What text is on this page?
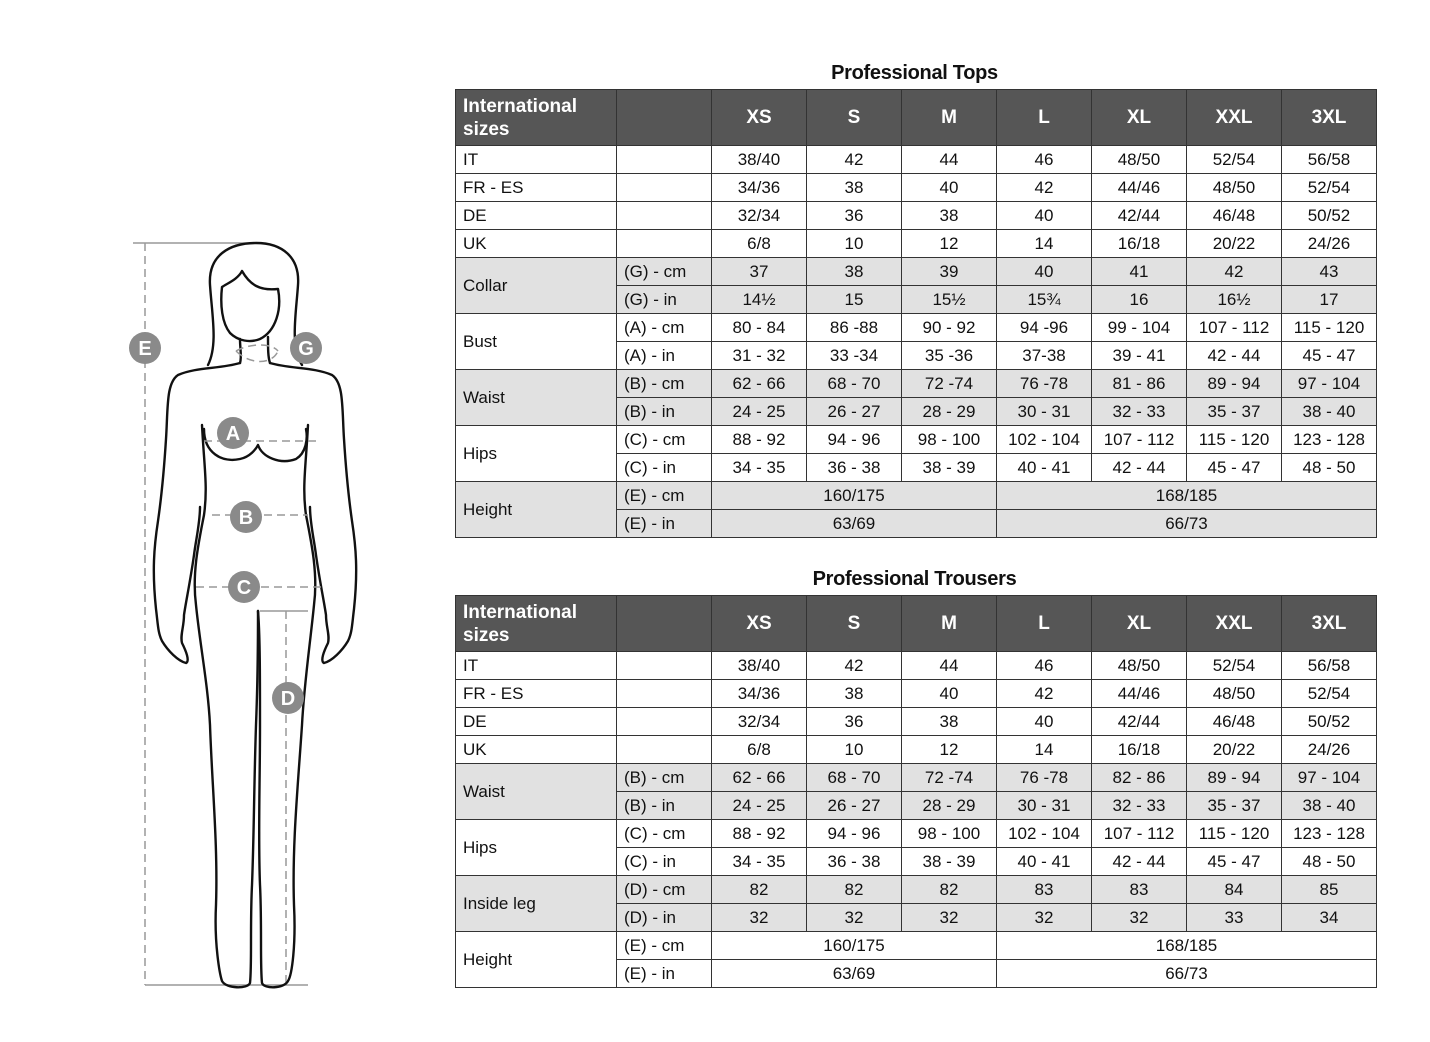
E	G
A
B
C
D
Professional Tops
International sizes		XS	S	M	L	XL	XXL	3XL
IT		38/40	42	44	46	48/50	52/54	56/58
FR - ES		34/36	38	40	42	44/46	48/50	52/54
DE		32/34	36	38	40	42/44	46/48	50/52
UK		6/8	10	12	14	16/18	20/22	24/26
Collar	(G) - cm	37	38	39	40	41	42	43
	(G) - in	14½	15	15½	15¾	16	16½	17
Bust	(A) - cm	80 - 84	86 -88	90 - 92	94 -96	99 - 104	107 - 112	115 - 120
	(A) - in	31 - 32	33 -34	35 -36	37-38	39 - 41	42 - 44	45 - 47
Waist	(B) - cm	62 - 66	68 - 70	72 -74	76 -78	81 - 86	89 - 94	97 - 104
	(B) - in	24 - 25	26 - 27	28 - 29	30 - 31	32 - 33	35 - 37	38 - 40
Hips	(C) - cm	88 - 92	94 - 96	98 - 100	102 - 104	107 - 112	115 - 120	123 - 128
	(C) - in	34 - 35	36 - 38	38 - 39	40 - 41	42 - 44	45 - 47	48 - 50
Height	(E) - cm	160/175			168/185			
	(E) - in	63/69			66/73			
Professional Trousers
International sizes		XS	S	M	L	XL	XXL	3XL
IT		38/40	42	44	46	48/50	52/54	56/58
FR - ES		34/36	38	40	42	44/46	48/50	52/54
DE		32/34	36	38	40	42/44	46/48	50/52
UK		6/8	10	12	14	16/18	20/22	24/26
Waist	(B) - cm	62 - 66	68 - 70	72 -74	76 -78	82 - 86	89 - 94	97 - 104
	(B) - in	24 - 25	26 - 27	28 - 29	30 - 31	32 - 33	35 - 37	38 - 40
Hips	(C) - cm	88 - 92	94 - 96	98 - 100	102 - 104	107 - 112	115 - 120	123 - 128
	(C) - in	34 - 35	36 - 38	38 - 39	40 - 41	42 - 44	45 - 47	48 - 50
Inside leg	(D) - cm	82	82	82	83	83	84	85
	(D) - in	32	32	32	32	32	33	34
Height	(E) - cm	160/175			168/185			
	(E) - in	63/69			66/73			
